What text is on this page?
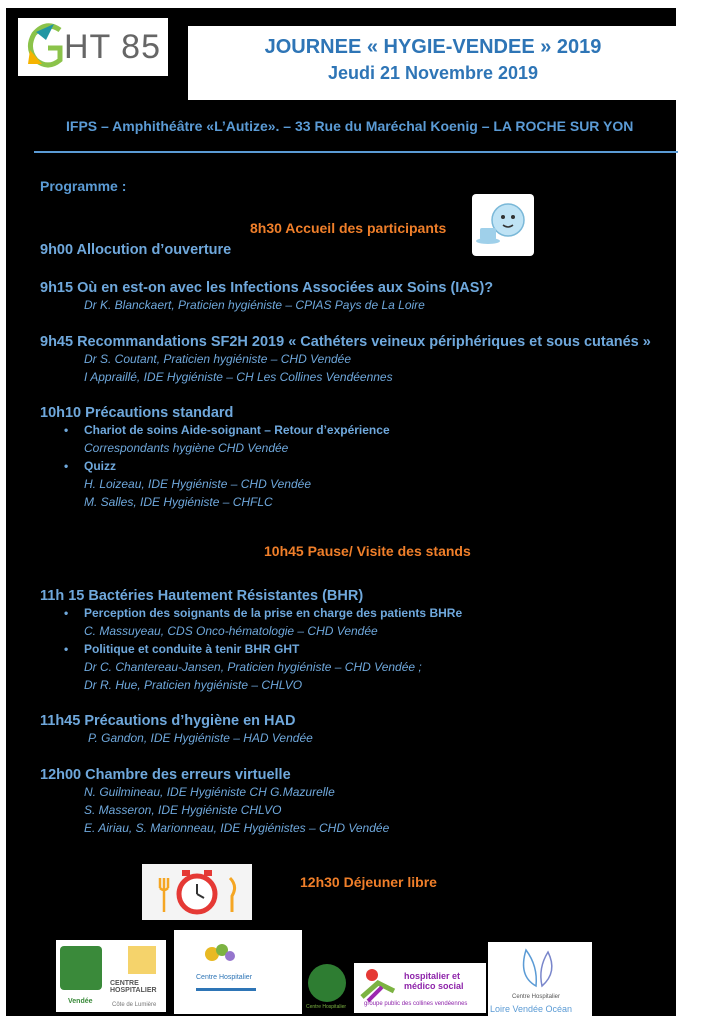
HT 85	JOURNEE « HYGIE-VENDEE » 2019
Jeudi 21 Novembre 2019
IFPS – Amphithéâtre «L’Autize». – 33 Rue du Maréchal Koenig – LA ROCHE SUR YON
Programme :
8h30 Accueil des participants
9h00 Allocution d’ouverture
9h15 Où en est-on avec les Infections Associées aux Soins (IAS)?
Dr K. Blanckaert, Praticien hygiéniste – CPIAS Pays de La Loire
9h45 Recommandations SF2H 2019 « Cathéters veineux périphériques et sous cutanés »
Dr S. Coutant, Praticien hygiéniste – CHD Vendée
I Appraillé, IDE Hygiéniste – CH Les Collines Vendéennes
10h10 Précautions standard
• Chariot de soins Aide-soignant – Retour d’expérience
Correspondants hygiène CHD Vendée
• Quizz
H. Loizeau, IDE Hygiéniste – CHD Vendée
M. Salles, IDE Hygiéniste – CHFLC
10h45 Pause/ Visite des stands
11h 15 Bactéries Hautement Résistantes (BHR)
• Perception des soignants de la prise en charge des patients BHRe
C. Massuyeau, CDS Onco-hématologie – CHD Vendée
• Politique et conduite à tenir BHR GHT
Dr C. Chantereau-Jansen, Praticien hygiéniste – CHD Vendée ;
Dr R. Hue, Praticien hygiéniste – CHLVO
11h45 Précautions d’hygiène en HAD
P. Gandon, IDE Hygiéniste – HAD Vendée
12h00 Chambre des erreurs virtuelle
N. Guilmineau, IDE Hygiéniste CH G.Mazurelle
S. Masseron, IDE Hygiéniste CHLVO
E. Airiau, S. Marionneau, IDE Hygiénistes – CHD Vendée
12h30 Déjeuner libre
Vendée
CENTRE HOSPITALIER
Côte de Lumière
Centre Hospitalier
Centre Hospitalier
hospitalier et médico social
groupe public des collines vendéennes
Centre Hospitalier
Loire Vendée Océan
